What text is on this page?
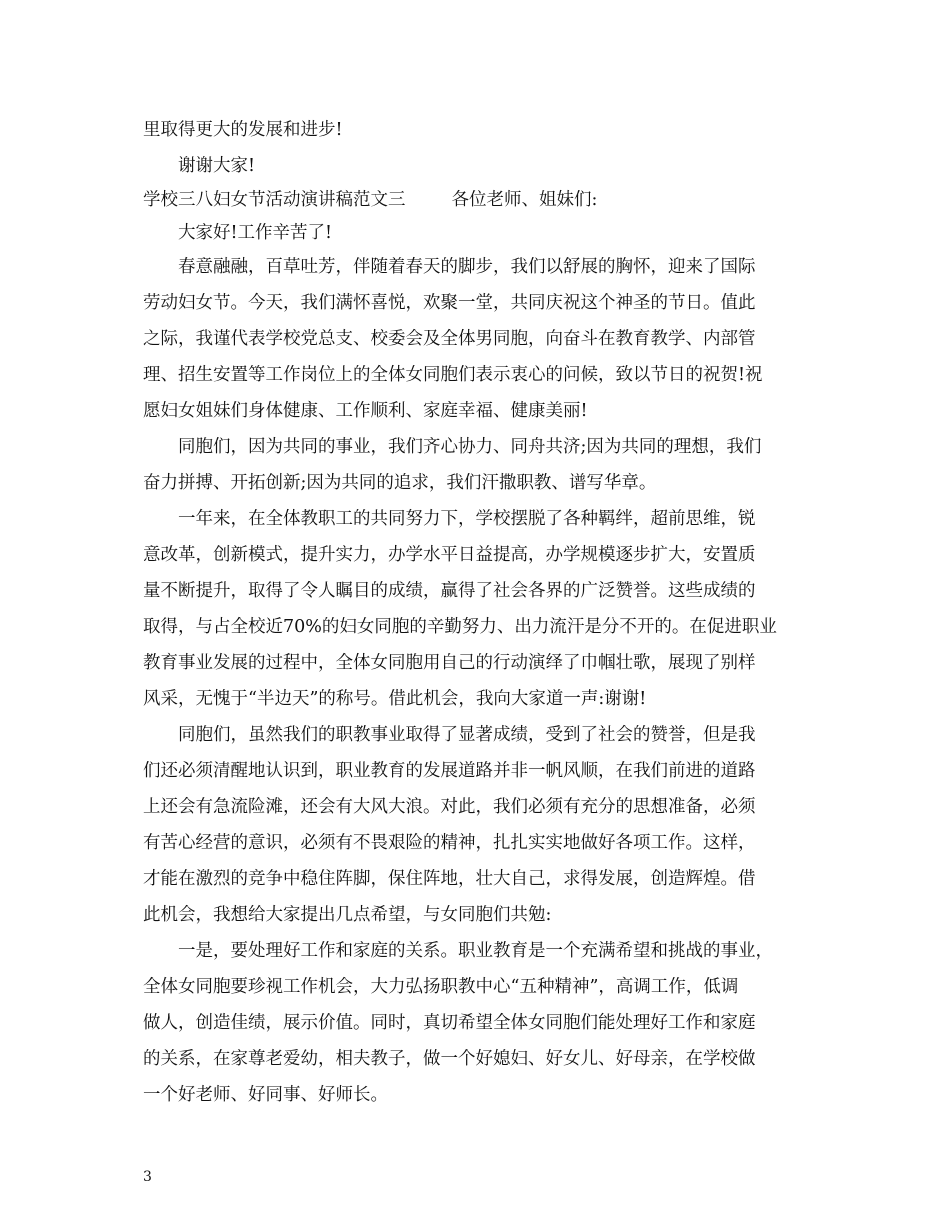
里取得更大的发展和进步!
谢谢大家!
学校三八妇女节活动演讲稿范文三	各位老师、姐妹们:
大家好!工作辛苦了!
春意融融，百草吐芳，伴随着春天的脚步，我们以舒展的胸怀，迎来了国际
劳动妇女节。今天，我们满怀喜悦，欢聚一堂，共同庆祝这个神圣的节日。值此
之际，我谨代表学校党总支、校委会及全体男同胞，向奋斗在教育教学、内部管
理、招生安置等工作岗位上的全体女同胞们表示衷心的问候，致以节日的祝贺!祝
愿妇女姐妹们身体健康、工作顺利、家庭幸福、健康美丽!
同胞们，因为共同的事业，我们齐心协力、同舟共济;因为共同的理想，我们
奋力拼搏、开拓创新;因为共同的追求，我们汗撒职教、谱写华章。
一年来，在全体教职工的共同努力下，学校摆脱了各种羁绊，超前思维，锐
意改革，创新模式，提升实力，办学水平日益提高，办学规模逐步扩大，安置质
量不断提升，取得了令人瞩目的成绩，赢得了社会各界的广泛赞誉。这些成绩的
取得，与占全校近70%的妇女同胞的辛勤努力、出力流汗是分不开的。在促进职业
教育事业发展的过程中，全体女同胞用自己的行动演绎了巾帼壮歌，展现了别样
风采，无愧于“半边天”的称号。借此机会，我向大家道一声:谢谢!
同胞们，虽然我们的职教事业取得了显著成绩，受到了社会的赞誉，但是我
们还必须清醒地认识到，职业教育的发展道路并非一帆风顺，在我们前进的道路
上还会有急流险滩，还会有大风大浪。对此，我们必须有充分的思想准备，必须
有苦心经营的意识，必须有不畏艰险的精神，扎扎实实地做好各项工作。这样，
才能在激烈的竞争中稳住阵脚，保住阵地，壮大自己，求得发展，创造辉煌。借
此机会，我想给大家提出几点希望，与女同胞们共勉:
一是，要处理好工作和家庭的关系。职业教育是一个充满希望和挑战的事业，
全体女同胞要珍视工作机会，大力弘扬职教中心“五种精神”，高调工作，低调
做人，创造佳绩，展示价值。同时，真切希望全体女同胞们能处理好工作和家庭
的关系，在家尊老爱幼，相夫教子，做一个好媳妇、好女儿、好母亲，在学校做
一个好老师、好同事、好师长。
3
